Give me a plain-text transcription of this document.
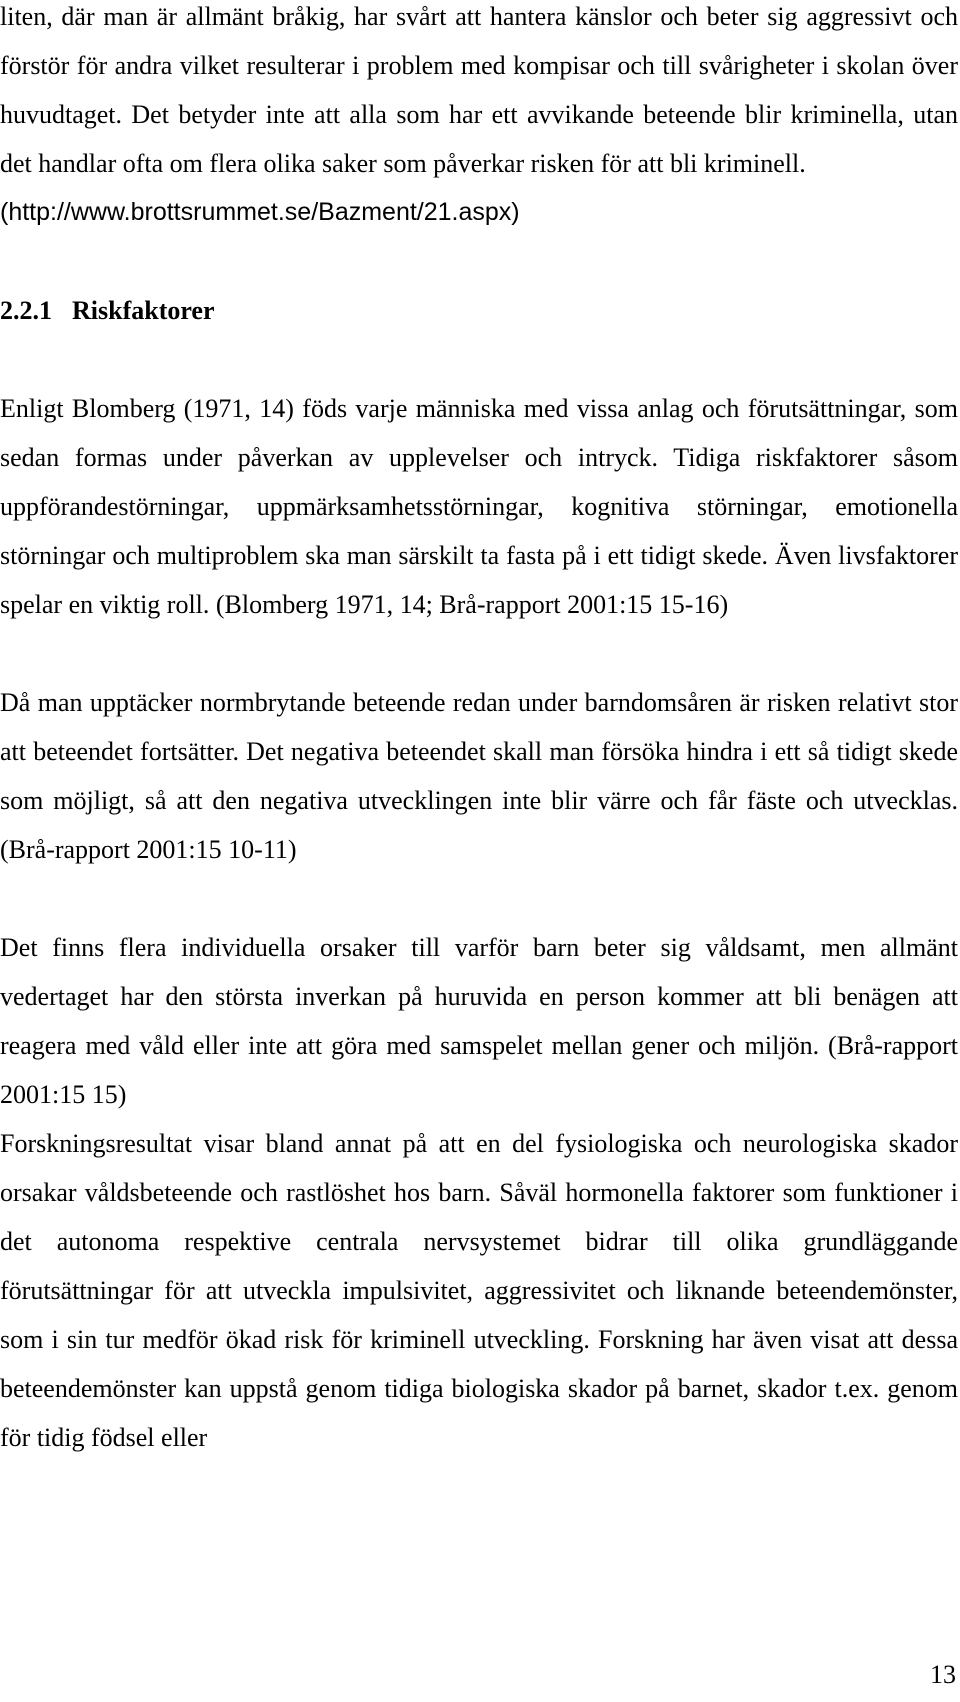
liten, där man är allmänt bråkig, har svårt att hantera känslor och beter sig aggressivt och förstör för andra vilket resulterar i problem med kompisar och till svårigheter i skolan över huvudtaget. Det betyder inte att alla som har ett avvikande beteende blir kriminella, utan det handlar ofta om flera olika saker som påverkar risken för att bli kriminell.

(http://www.brottsrummet.se/Bazment/21.aspx)

2.2.1 Riskfaktorer

Enligt Blomberg (1971, 14) föds varje människa med vissa anlag och förutsättningar, som sedan formas under påverkan av upplevelser och intryck. Tidiga riskfaktorer såsom uppförandestörningar, uppmärksamhetsstörningar, kognitiva störningar, emotionella störningar och multiproblem ska man särskilt ta fasta på i ett tidigt skede. Även livsfaktorer spelar en viktig roll. (Blomberg 1971, 14; Brå-rapport 2001:15 15-16)

Då man upptäcker normbrytande beteende redan under barndomsåren är risken relativt stor att beteendet fortsätter. Det negativa beteendet skall man försöka hindra i ett så tidigt skede som möjligt, så att den negativa utvecklingen inte blir värre och får fäste och utvecklas. (Brå-rapport 2001:15 10-11)

Det finns flera individuella orsaker till varför barn beter sig våldsamt, men allmänt vedertaget har den största inverkan på huruvida en person kommer att bli benägen att reagera med våld eller inte att göra med samspelet mellan gener och miljön. (Brå-rapport 2001:15 15)

Forskningsresultat visar bland annat på att en del fysiologiska och neurologiska skador orsakar våldsbeteende och rastlöshet hos barn. Såväl hormonella faktorer som funktioner i det autonoma respektive centrala nervsystemet bidrar till olika grundläggande förutsättningar för att utveckla impulsivitet, aggressivitet och liknande beteendemönster, som i sin tur medför ökad risk för kriminell utveckling. Forskning har även visat att dessa beteendemönster kan uppstå genom tidiga biologiska skador på barnet, skador t.ex. genom för tidig födsel eller

13
